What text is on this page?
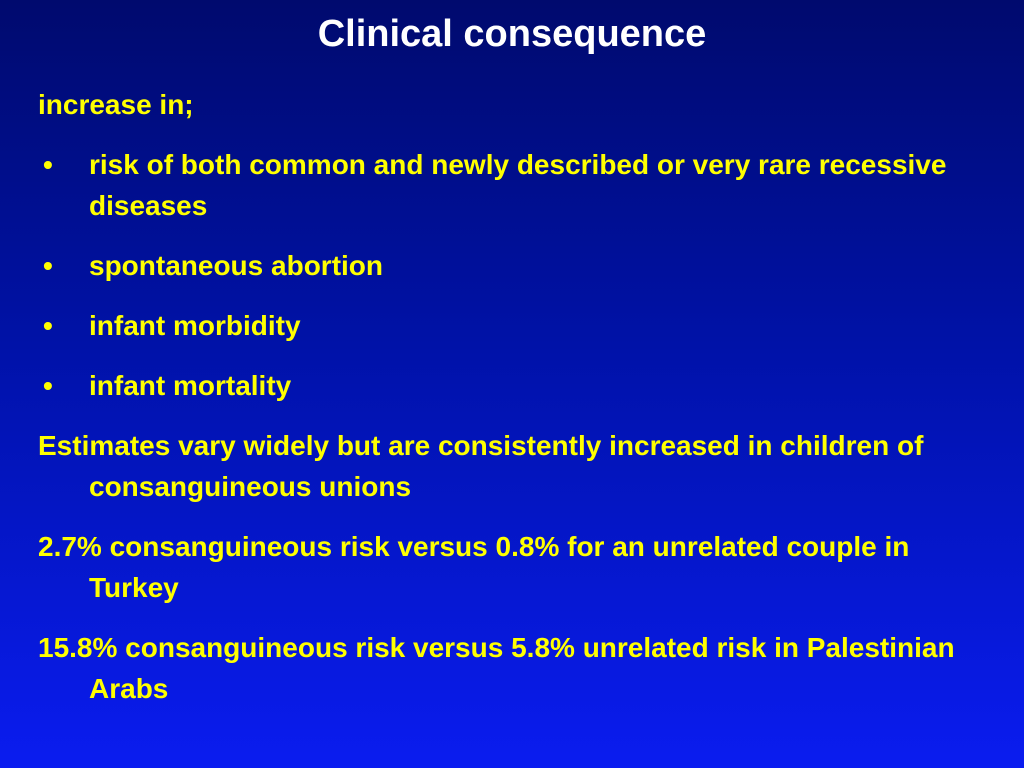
Clinical consequence

increase in;

• risk of both common and newly described or very rare recessive diseases
• spontaneous abortion
• infant morbidity
• infant mortality

Estimates vary widely but are consistently increased in children of consanguineous unions

2.7% consanguineous risk versus 0.8% for an unrelated couple in Turkey

15.8% consanguineous risk versus 5.8% unrelated risk in Palestinian Arabs
